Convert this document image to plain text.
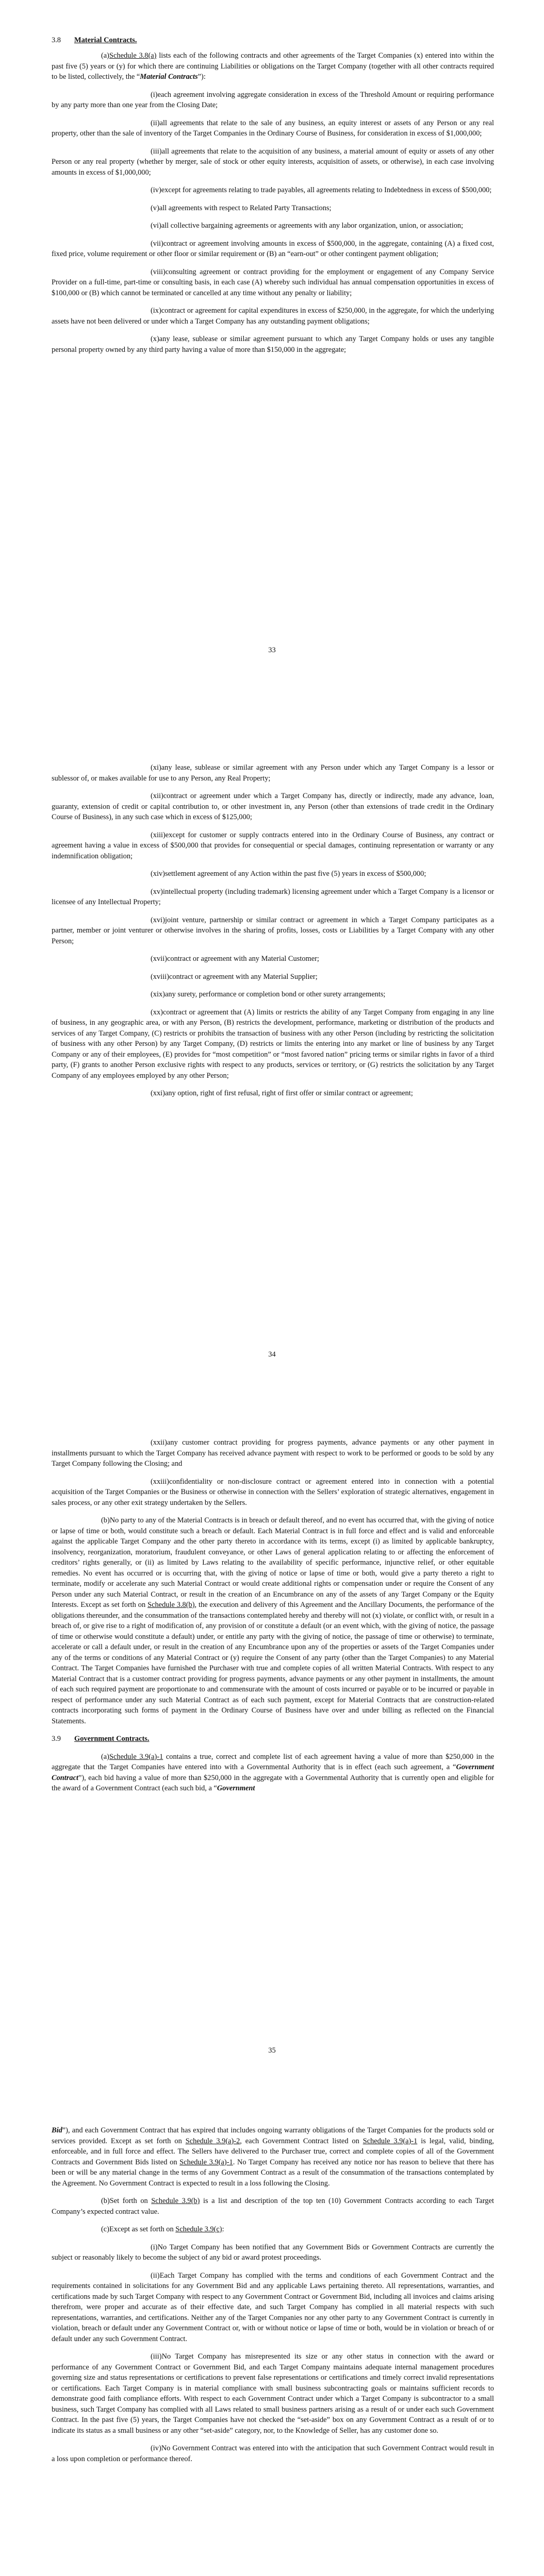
3.8 Material Contracts.

(a)Schedule 3.8(a) lists each of the following contracts and other agreements of the Target Companies (x) entered into within the past five (5) years or (y) for which there are continuing Liabilities or obligations on the Target Company (together with all other contracts required to be listed, collectively, the “Material Contracts”):

(i)each agreement involving aggregate consideration in excess of the Threshold Amount or requiring performance by any party more than one year from the Closing Date;

(ii)all agreements that relate to the sale of any business, an equity interest or assets of any Person or any real property, other than the sale of inventory of the Target Companies in the Ordinary Course of Business, for consideration in excess of $1,000,000;

(iii)all agreements that relate to the acquisition of any business, a material amount of equity or assets of any other Person or any real property (whether by merger, sale of stock or other equity interests, acquisition of assets, or otherwise), in each case involving amounts in excess of $1,000,000;

(iv)except for agreements relating to trade payables, all agreements relating to Indebtedness in excess of $500,000;

(v)all agreements with respect to Related Party Transactions;

(vi)all collective bargaining agreements or agreements with any labor organization, union, or association;

(vii)contract or agreement involving amounts in excess of $500,000, in the aggregate, containing (A) a fixed cost, fixed price, volume requirement or other floor or similar requirement or (B) an “earn-out” or other contingent payment obligation;

(viii)consulting agreement or contract providing for the employment or engagement of any Company Service Provider on a full-time, part-time or consulting basis, in each case (A) whereby such individual has annual compensation opportunities in excess of $100,000 or (B) which cannot be terminated or cancelled at any time without any penalty or liability;

(ix)contract or agreement for capital expenditures in excess of $250,000, in the aggregate, for which the underlying assets have not been delivered or under which a Target Company has any outstanding payment obligations;

(x)any lease, sublease or similar agreement pursuant to which any Target Company holds or uses any tangible personal property owned by any third party having a value of more than $150,000 in the aggregate;

33

(xi)any lease, sublease or similar agreement with any Person under which any Target Company is a lessor or sublessor of, or makes available for use to any Person, any Real Property;

(xii)contract or agreement under which a Target Company has, directly or indirectly, made any advance, loan, guaranty, extension of credit or capital contribution to, or other investment in, any Person (other than extensions of trade credit in the Ordinary Course of Business), in any such case which in excess of $125,000;

(xiii)except for customer or supply contracts entered into in the Ordinary Course of Business, any contract or agreement having a value in excess of $500,000 that provides for consequential or special damages, continuing representation or warranty or any indemnification obligation;

(xiv)settlement agreement of any Action within the past five (5) years in excess of $500,000;

(xv)intellectual property (including trademark) licensing agreement under which a Target Company is a licensor or licensee of any Intellectual Property;

(xvi)joint venture, partnership or similar contract or agreement in which a Target Company participates as a partner, member or joint venturer or otherwise involves in the sharing of profits, losses, costs or Liabilities by a Target Company with any other Person;

(xvii)contract or agreement with any Material Customer;

(xviii)contract or agreement with any Material Supplier;

(xix)any surety, performance or completion bond or other surety arrangements;

(xx)contract or agreement that (A) limits or restricts the ability of any Target Company from engaging in any line of business, in any geographic area, or with any Person, (B) restricts the development, performance, marketing or distribution of the products and services of any Target Company, (C) restricts or prohibits the transaction of business with any other Person (including by restricting the solicitation of business with any other Person) by any Target Company, (D) restricts or limits the entering into any market or line of business by any Target Company or any of their employees, (E) provides for “most competition” or “most favored nation” pricing terms or similar rights in favor of a third party, (F) grants to another Person exclusive rights with respect to any products, services or territory, or (G) restricts the solicitation by any Target Company of any employees employed by any other Person;

(xxi)any option, right of first refusal, right of first offer or similar contract or agreement;

34

(xxii)any customer contract providing for progress payments, advance payments or any other payment in installments pursuant to which the Target Company has received advance payment with respect to work to be performed or goods to be sold by any Target Company following the Closing; and

(xxiii)confidentiality or non-disclosure contract or agreement entered into in connection with a potential acquisition of the Target Companies or the Business or otherwise in connection with the Sellers’ exploration of strategic alternatives, engagement in sales process, or any other exit strategy undertaken by the Sellers.

(b)No party to any of the Material Contracts is in breach or default thereof, and no event has occurred that, with the giving of notice or lapse of time or both, would constitute such a breach or default. Each Material Contract is in full force and effect and is valid and enforceable against the applicable Target Company and the other party thereto in accordance with its terms, except (i) as limited by applicable bankruptcy, insolvency, reorganization, moratorium, fraudulent conveyance, or other Laws of general application relating to or affecting the enforcement of creditors’ rights generally, or (ii) as limited by Laws relating to the availability of specific performance, injunctive relief, or other equitable remedies. No event has occurred or is occurring that, with the giving of notice or lapse of time or both, would give a party thereto a right to terminate, modify or accelerate any such Material Contract or would create additional rights or compensation under or require the Consent of any Person under any such Material Contract, or result in the creation of an Encumbrance on any of the assets of any Target Company or the Equity Interests. Except as set forth on Schedule 3.8(b), the execution and delivery of this Agreement and the Ancillary Documents, the performance of the obligations thereunder, and the consummation of the transactions contemplated hereby and thereby will not (x) violate, or conflict with, or result in a breach of, or give rise to a right of modification of, any provision of or constitute a default (or an event which, with the giving of notice, the passage of time or otherwise would constitute a default) under, or entitle any party with the giving of notice, the passage of time or otherwise) to terminate, accelerate or call a default under, or result in the creation of any Encumbrance upon any of the properties or assets of the Target Companies under any of the terms or conditions of any Material Contract or (y) require the Consent of any party (other than the Target Companies) to any Material Contract. The Target Companies have furnished the Purchaser with true and complete copies of all written Material Contracts. With respect to any Material Contract that is a customer contract providing for progress payments, advance payments or any other payment in installments, the amount of each such required payment are proportionate to and commensurate with the amount of costs incurred or payable or to be incurred or payable in respect of performance under any such Material Contract as of each such payment, except for Material Contracts that are construction-related contracts incorporating such forms of payment in the Ordinary Course of Business have over and under billing as reflected on the Financial Statements.

3.9 Government Contracts.

(a)Schedule 3.9(a)-1 contains a true, correct and complete list of each agreement having a value of more than $250,000 in the aggregate that the Target Companies have entered into with a Governmental Authority that is in effect (each such agreement, a “Government Contract”), each bid having a value of more than $250,000 in the aggregate with a Governmental Authority that is currently open and eligible for the award of a Government Contract (each such bid, a “Government

35

Bid”), and each Government Contract that has expired that includes ongoing warranty obligations of the Target Companies for the products sold or services provided. Except as set forth on Schedule 3.9(a)-2, each Government Contract listed on Schedule 3.9(a)-1 is legal, valid, binding, enforceable, and in full force and effect. The Sellers have delivered to the Purchaser true, correct and complete copies of all of the Government Contracts and Government Bids listed on Schedule 3.9(a)-1. No Target Company has received any notice nor has reason to believe that there has been or will be any material change in the terms of any Government Contract as a result of the consummation of the transactions contemplated by the Agreement. No Government Contract is expected to result in a loss following the Closing.

(b)Set forth on Schedule 3.9(b) is a list and description of the top ten (10) Government Contracts according to each Target Company’s expected contract value.

(c)Except as set forth on Schedule 3.9(c):

(i)No Target Company has been notified that any Government Bids or Government Contracts are currently the subject or reasonably likely to become the subject of any bid or award protest proceedings.

(ii)Each Target Company has complied with the terms and conditions of each Government Contract and the requirements contained in solicitations for any Government Bid and any applicable Laws pertaining thereto. All representations, warranties, and certifications made by such Target Company with respect to any Government Contract or Government Bid, including all invoices and claims arising therefrom, were proper and accurate as of their effective date, and such Target Company has complied in all material respects with such representations, warranties, and certifications. Neither any of the Target Companies nor any other party to any Government Contract is currently in violation, breach or default under any Government Contract or, with or without notice or lapse of time or both, would be in violation or breach of or default under any such Government Contract.

(iii)No Target Company has misrepresented its size or any other status in connection with the award or performance of any Government Contract or Government Bid, and each Target Company maintains adequate internal management procedures governing size and status representations or certifications to prevent false representations or certifications and timely correct invalid representations or certifications. Each Target Company is in material compliance with small business subcontracting goals or maintains sufficient records to demonstrate good faith compliance efforts. With respect to each Government Contract under which a Target Company is subcontractor to a small business, such Target Company has complied with all Laws related to small business partners arising as a result of or under each such Government Contract. In the past five (5) years, the Target Companies have not checked the “set-aside” box on any Government Contract as a result of or to indicate its status as a small business or any other “set-aside” category, nor, to the Knowledge of Seller, has any customer done so.

(iv)No Government Contract was entered into with the anticipation that such Government Contract would result in a loss upon completion or performance thereof.
